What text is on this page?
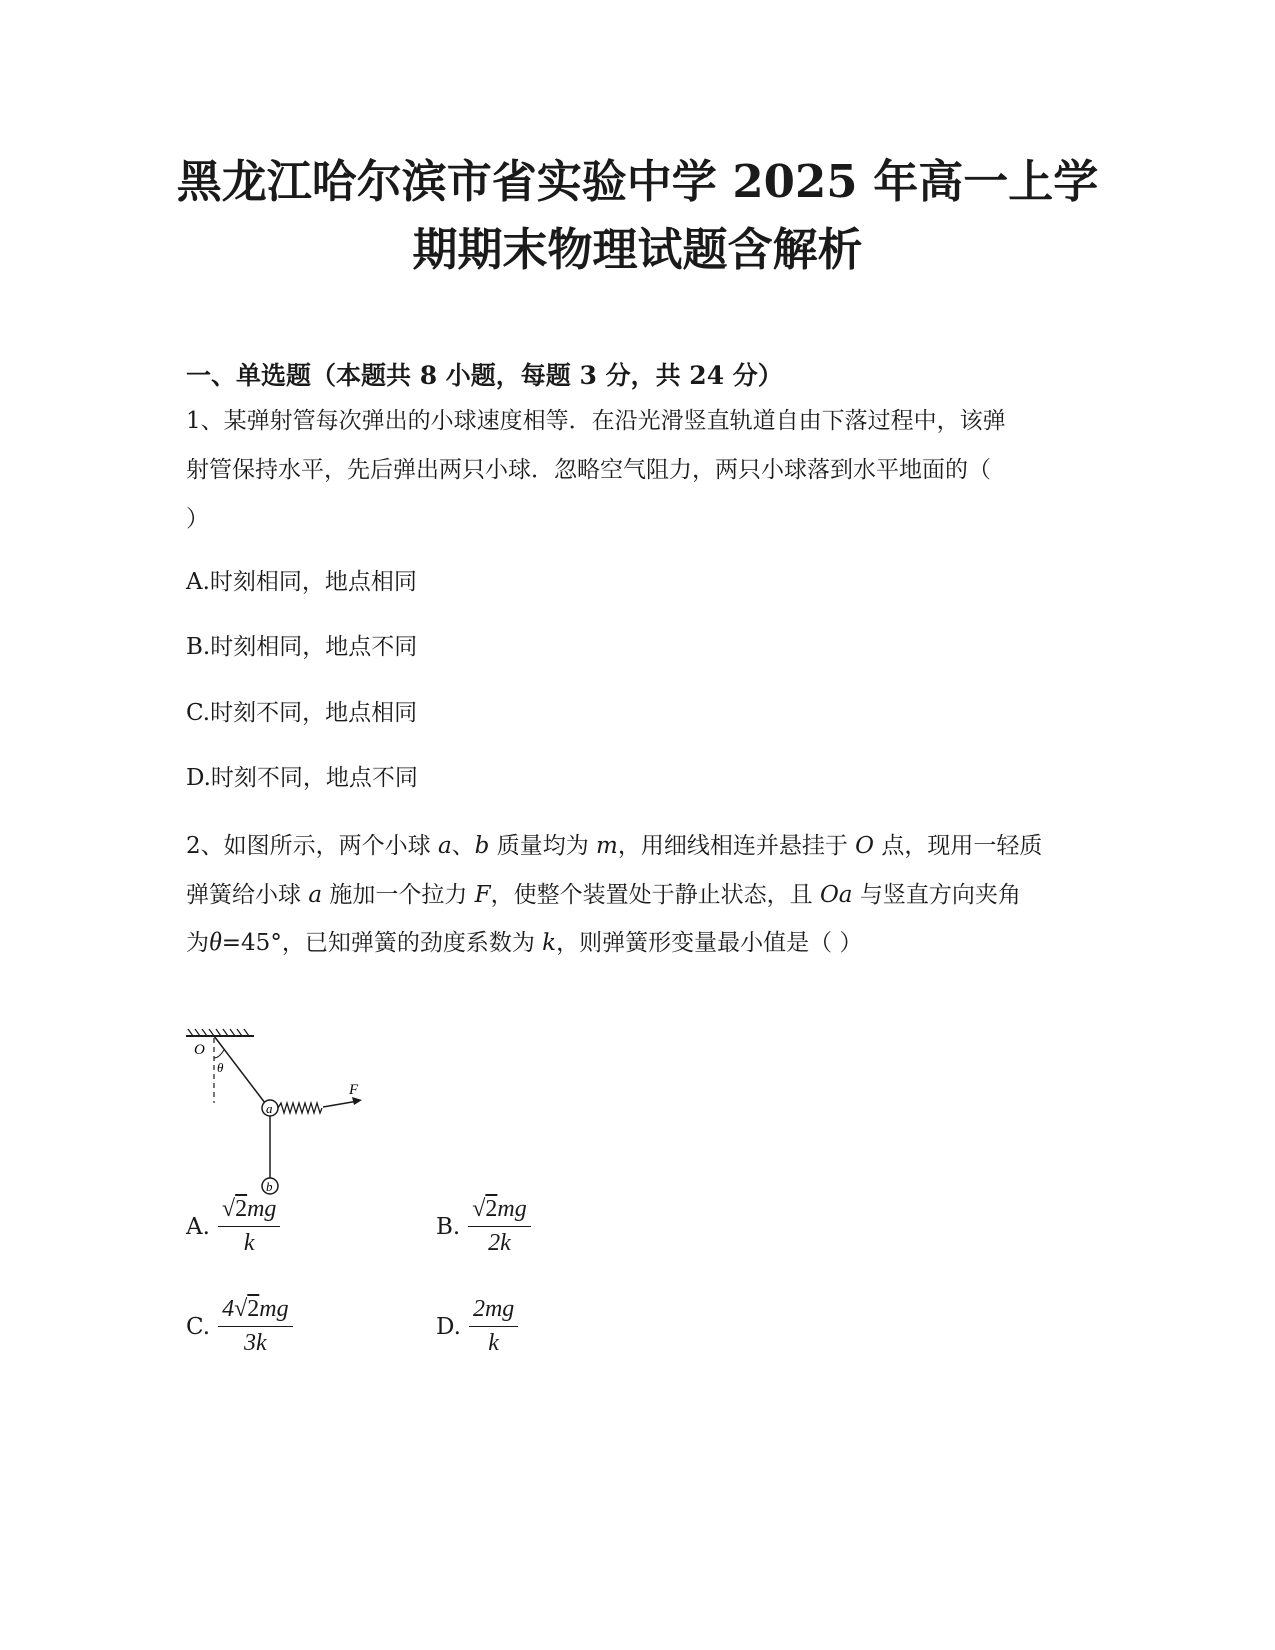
黑龙江哈尔滨市省实验中学 2025 年高一上学
期期末物理试题含解析
一、单选题（本题共 8 小题，每题 3 分，共 24 分）
1、某弹射管每次弹出的小球速度相等．在沿光滑竖直轨道自由下落过程中，该弹
射管保持水平，先后弹出两只小球．忽略空气阻力，两只小球落到水平地面的（
）
A.时刻相同，地点相同
B.时刻相同，地点不同
C.时刻不同，地点相同
D.时刻不同，地点不同
2、如图所示，两个小球 a、b 质量均为 m，用细线相连并悬挂于 O 点，现用一轻质
弹簧给小球 a 施加一个拉力 F，使整个装置处于静止状态，且 Oa 与竖直方向夹角
为θ=45°，已知弹簧的劲度系数为 k，则弹簧形变量最小值是（ ）
O
θ
a
b
F
A. $\frac{√2mg}{k}$	B. $\frac{√2mg}{2k}$
C. $\frac{4√2mg}{3k}$	D. $\frac{2mg}{k}$
